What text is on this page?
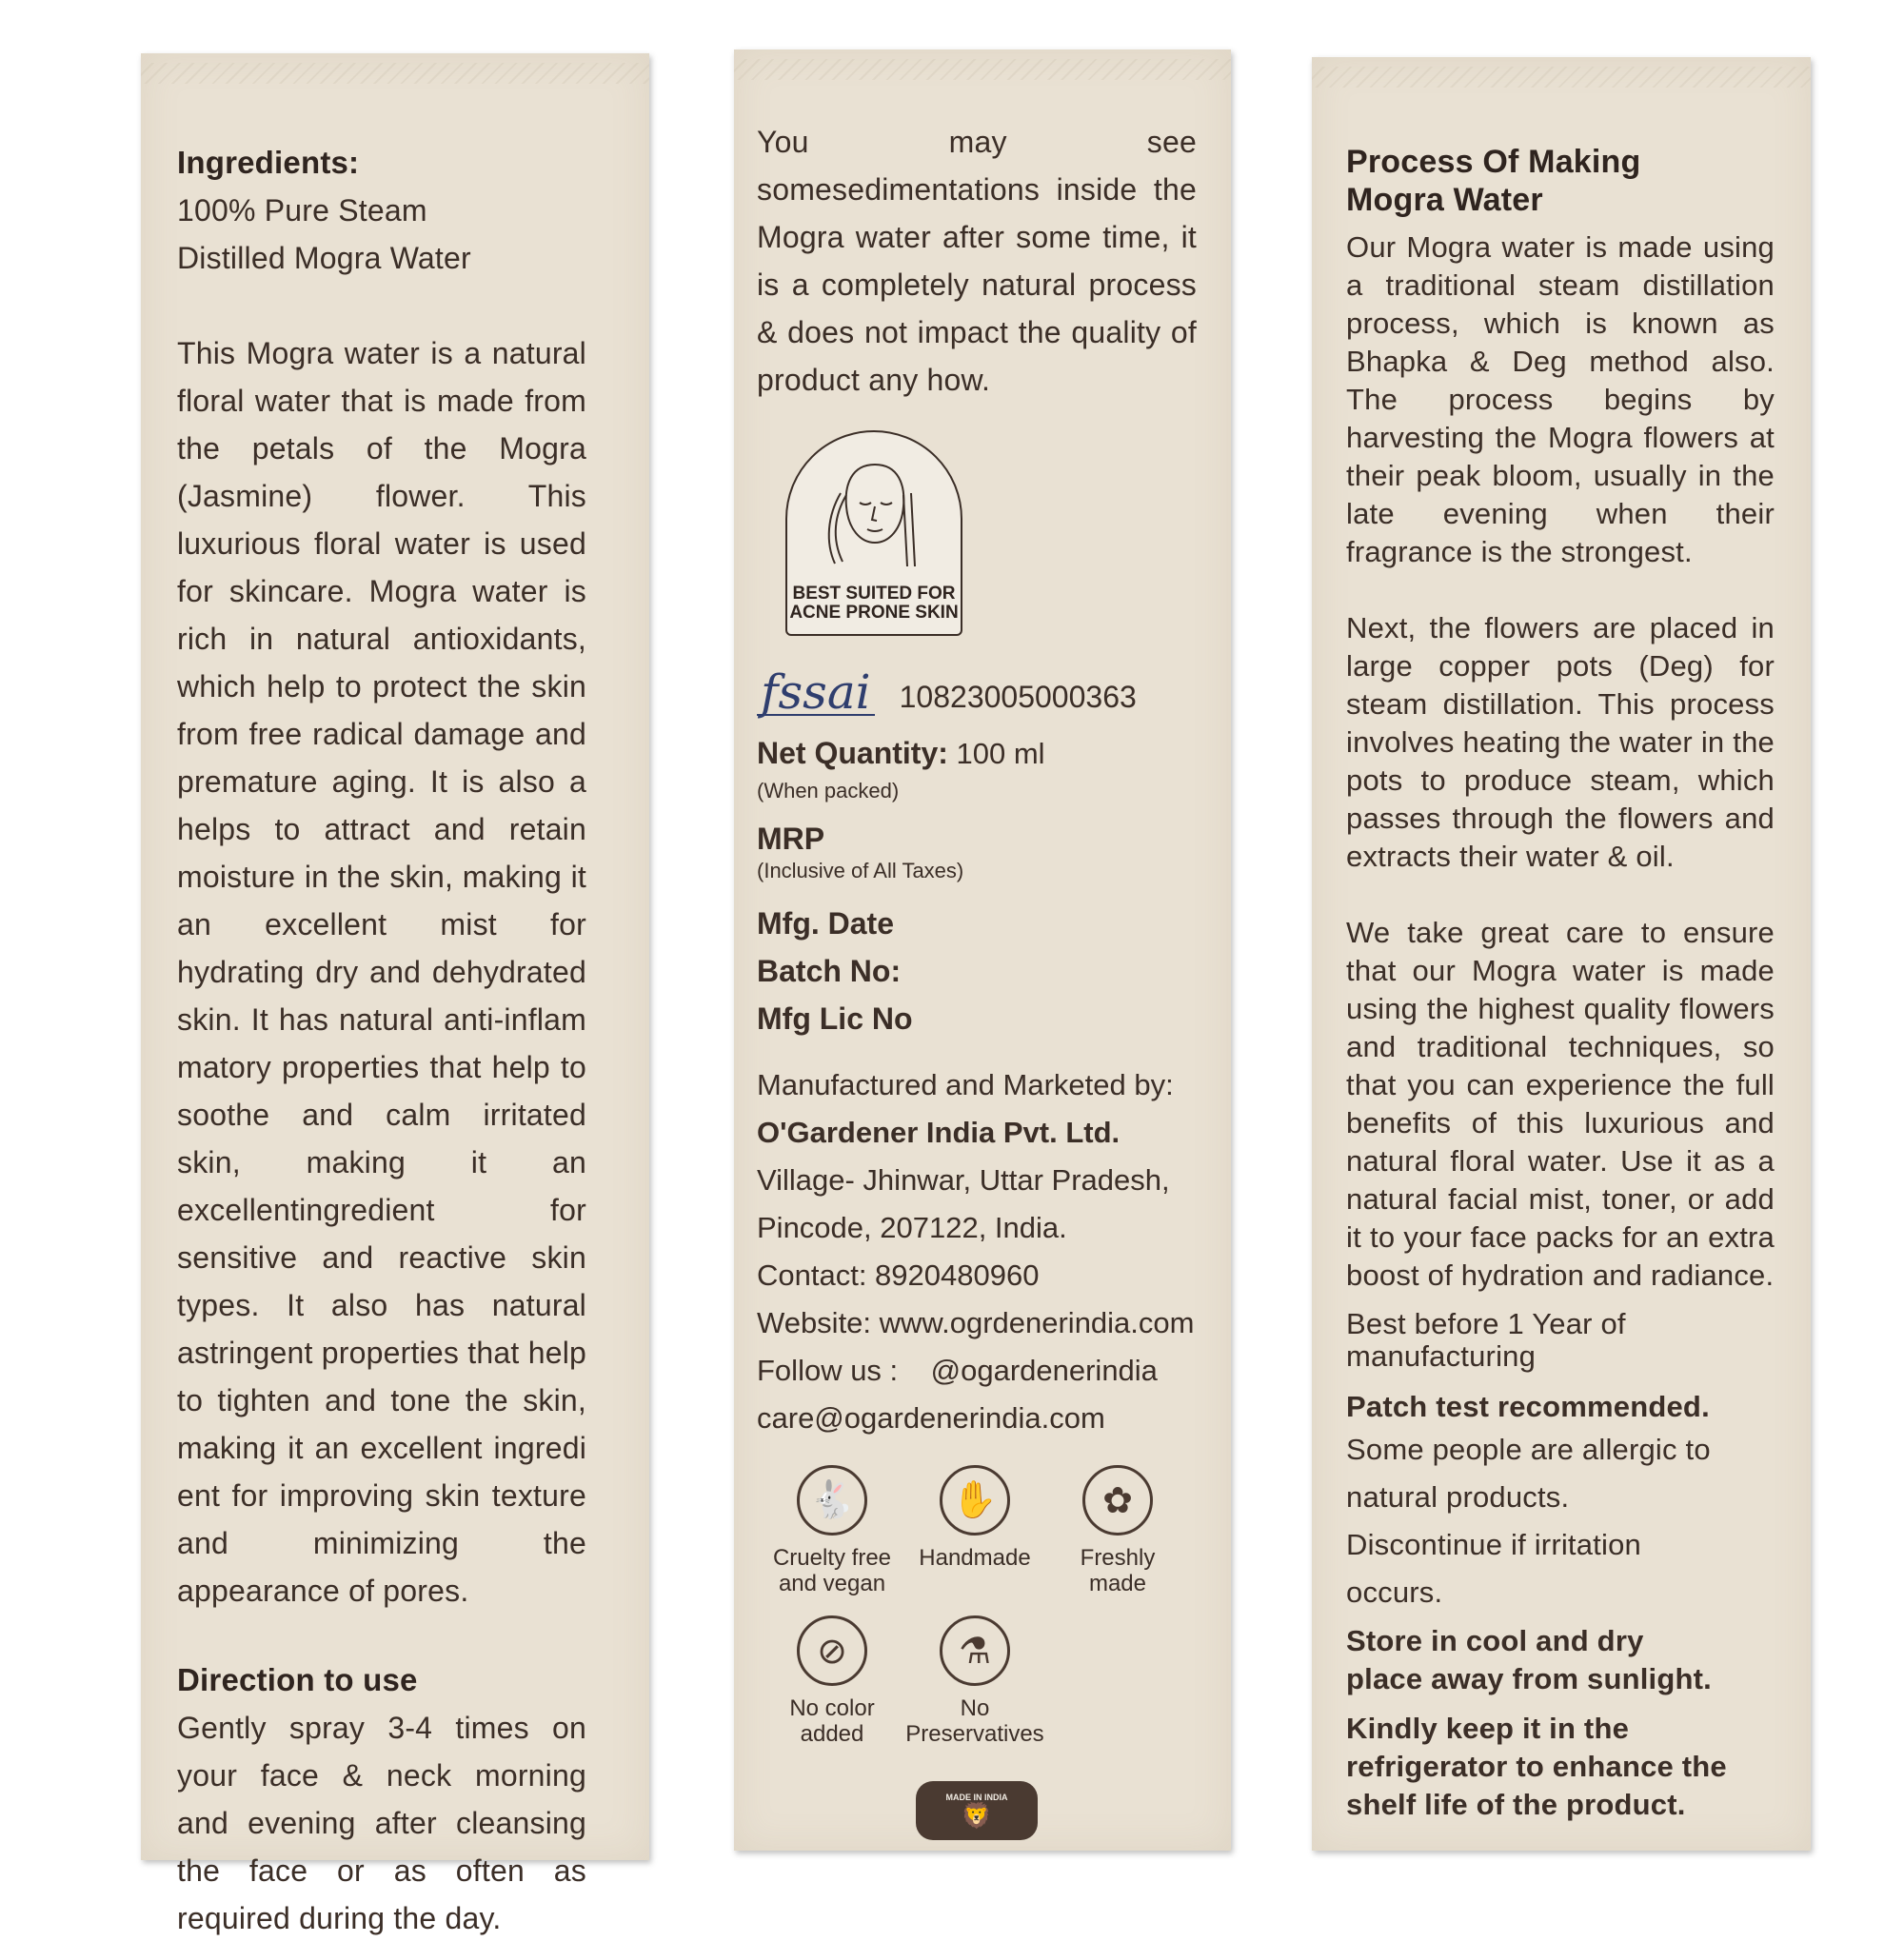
Ingredients:

100% Pure Steam Distilled Mogra Water

This Mogra water is a natural floral water that is made from the petals of the Mogra (Jasmine) flower. This luxurious floral water is used for skincare. Mogra water is rich in natural antioxidants, which help to protect the skin from free radical damage and premature aging. It is also a helps to attract and retain moisture in the skin, making it an excellent mist for hydrating dry and dehydrated skin. It has natural anti-inflam matory properties that help to soothe and calm irritated skin, making it an excellentingredient for sensitive and reactive skin types. It also has natural astringent properties that help to tighten and tone the skin, making it an excellent ingredi ent for improving skin texture and minimizing the appearance of pores.

Direction to use

Gently spray 3-4 times on your face & neck morning and evening after cleansing the face or as often as required during the day.

You may see somesedimentations inside the Mogra water after some time, it is a completely natural process & does not impact the quality of product any how.

BEST SUITED FOR
ACNE PRONE SKIN
fssai 10823005000363
Net Quantity: 100 ml
(When packed)
MRP
(Inclusive of All Taxes)
Mfg. Date
Batch No:
Mfg Lic No
Manufactured and Marketed by:
O'Gardener India Pvt. Ltd.
Village- Jhinwar, Uttar Pradesh,
Pincode, 207122, India.
Contact: 8920480960
Website: www.ogrdenerindia.com
Follow us : @ogardenerindia
care@ogardenerindia.com
🐇
Cruelty free
and vegan
✋
Handmade
✿
Freshly
made
⊘
No color
added
⚗
No
Preservatives
MADE IN INDIA
🦁
Process Of Making
Mogra Water

Our Mogra water is made using a traditional steam distillation process, which is known as Bhapka & Deg method also. The process begins by harvesting the Mogra flowers at their peak bloom, usually in the late evening when their fragrance is the strongest.

Next, the flowers are placed in large copper pots (Deg) for steam distillation. This process involves heating the water in the pots to produce steam, which passes through the flowers and extracts their water & oil.

We take great care to ensure that our Mogra water is made using the highest quality flowers and traditional techniques, so that you can experience the full benefits of this luxurious and natural floral water. Use it as a natural facial mist, toner, or add it to your face packs for an extra boost of hydration and radiance.

Best before 1 Year of manufacturing

Patch test recommended.

Some people are allergic to natural products. Discontinue if irritation occurs.

Store in cool and dry place away from sunlight.

Kindly keep it in the refrigerator to enhance the shelf life of the product.
